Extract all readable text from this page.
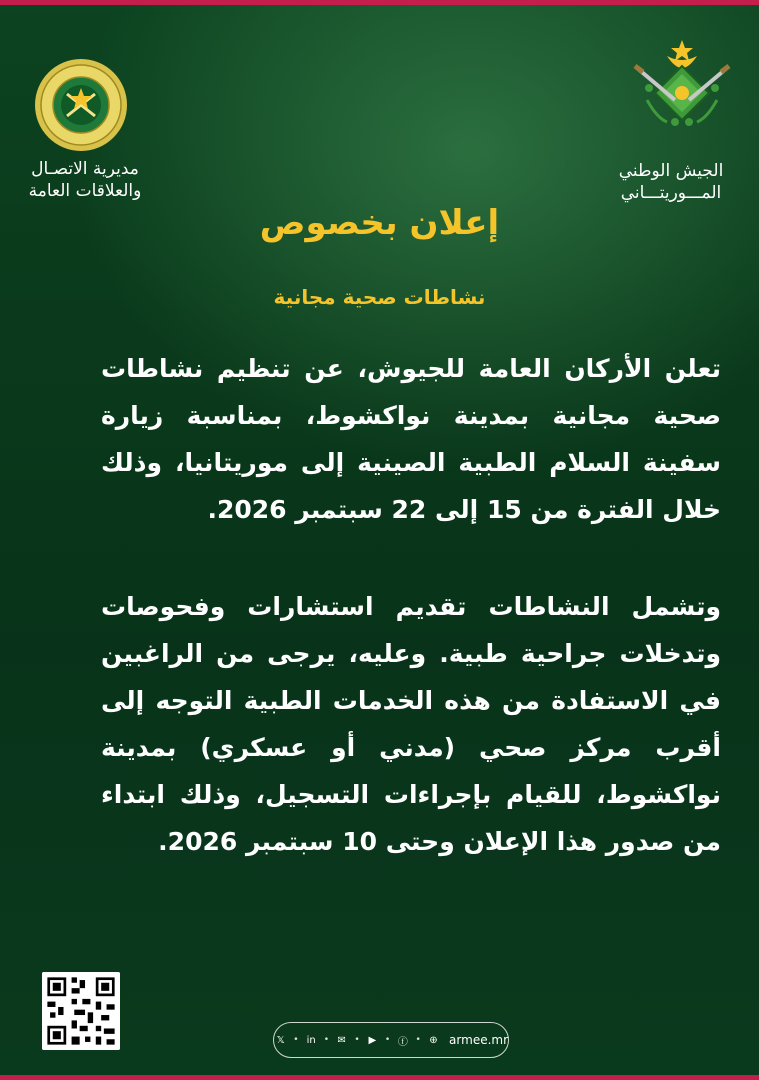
الجيش الوطني
المـــوريتـــاني
مديرية الاتصـال
والعلاقات العامة
إعلان بخصوص
نشاطات صحية مجانية
تعلن الأركان العامة للجيوش، عن تنظيم نشاطات صحية مجانية بمدينة نواكشوط، بمناسبة زيارة سفينة السلام الطبية الصينية إلى موريتانيا، وذلك خلال الفترة من 15 إلى 22 سبتمبر 2026.
وتشمل النشاطات تقديم استشارات وفحوصات وتدخلات جراحية طبية. وعليه، يرجى من الراغبين في الاستفادة من هذه الخدمات الطبية التوجه إلى أقرب مركز صحي (مدني أو عسكري) بمدينة نواكشوط، للقيام بإجراءات التسجيل، وذلك ابتداء من صدور هذا الإعلان وحتى 10 سبتمبر 2026.
𝕏 • in • ✉ • ▶ • ⓕ • ⊕ armee.mr
